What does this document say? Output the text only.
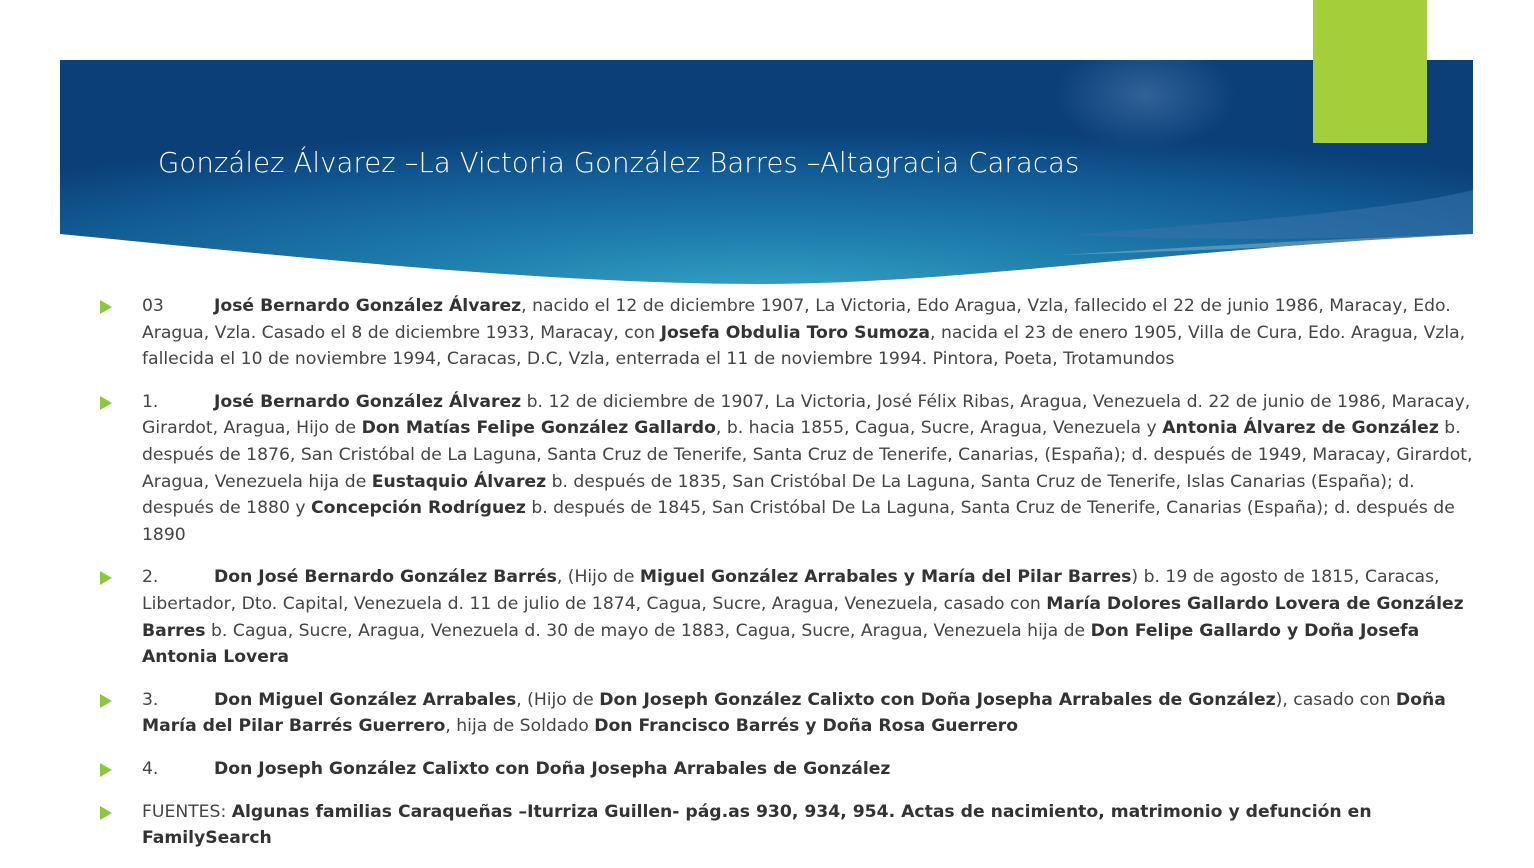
González Álvarez –La Victoria González Barres –Altagracia Caracas
03	José Bernardo González Álvarez, nacido el 12 de diciembre 1907, La Victoria, Edo Aragua, Vzla, fallecido el 22 de junio 1986, Maracay, Edo. Aragua, Vzla. Casado el 8 de diciembre 1933, Maracay, con Josefa Obdulia Toro Sumoza, nacida el 23 de enero 1905, Villa de Cura, Edo. Aragua, Vzla, fallecida el 10 de noviembre 1994, Caracas, D.C, Vzla, enterrada el 11 de noviembre 1994. Pintora, Poeta, Trotamundos
1.	José Bernardo González Álvarez b. 12 de diciembre de 1907, La Victoria, José Félix Ribas, Aragua, Venezuela d. 22 de junio de 1986, Maracay, Girardot, Aragua, Hijo de Don Matías Felipe González Gallardo, b. hacia 1855, Cagua, Sucre, Aragua, Venezuela y Antonia Álvarez de González b. después de 1876, San Cristóbal de La Laguna, Santa Cruz de Tenerife, Santa Cruz de Tenerife, Canarias, (España); d. después de 1949, Maracay, Girardot, Aragua, Venezuela hija de Eustaquio Álvarez b. después de 1835, San Cristóbal De La Laguna, Santa Cruz de Tenerife, Islas Canarias (España); d. después de 1880 y Concepción Rodríguez b. después de 1845, San Cristóbal De La Laguna, Santa Cruz de Tenerife, Canarias (España); d. después de 1890
2.	Don José Bernardo González Barrés, (Hijo de Miguel González Arrabales y María del Pilar Barres) b. 19 de agosto de 1815, Caracas, Libertador, Dto. Capital, Venezuela d. 11 de julio de 1874, Cagua, Sucre, Aragua, Venezuela, casado con María Dolores Gallardo Lovera de González Barres b. Cagua, Sucre, Aragua, Venezuela d. 30 de mayo de 1883, Cagua, Sucre, Aragua, Venezuela hija de Don Felipe Gallardo y Doña Josefa Antonia Lovera
3.	Don Miguel González Arrabales, (Hijo de Don Joseph González Calixto con Doña Josepha Arrabales de González), casado con Doña María del Pilar Barrés Guerrero, hija de Soldado Don Francisco Barrés y Doña Rosa Guerrero
4.	Don Joseph González Calixto con Doña Josepha Arrabales de González
FUENTES: Algunas familias Caraqueñas –Iturriza Guillen- pág.as 930, 934, 954. Actas de nacimiento, matrimonio y defunción en FamilySearch
